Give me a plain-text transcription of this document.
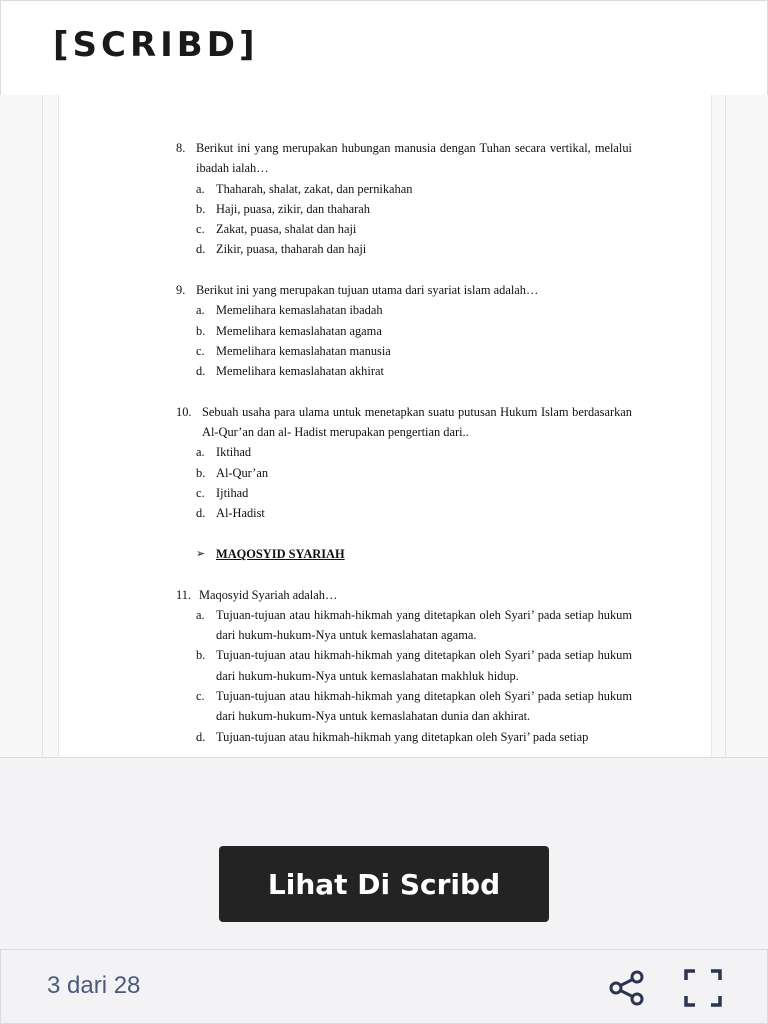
[SCRIBD]
8. Berikut ini yang merupakan hubungan manusia dengan Tuhan secara vertikal, melalui ibadah ialah…
a. Thaharah, shalat, zakat, dan pernikahan
b. Haji, puasa, zikir, dan thaharah
c. Zakat, puasa, shalat dan haji
d. Zikir, puasa, thaharah dan haji
9. Berikut ini yang merupakan tujuan utama dari syariat islam adalah…
a. Memelihara kemaslahatan ibadah
b. Memelihara kemaslahatan agama
c. Memelihara kemaslahatan manusia
d. Memelihara kemaslahatan akhirat
10. Sebuah usaha para ulama untuk menetapkan suatu putusan Hukum Islam berdasarkan Al-Qur’an dan al- Hadist merupakan pengertian dari..
a. Iktihad
b. Al-Qur’an
c. Ijtihad
d. Al-Hadist
➢ MAQOSYID SYARIAH
11. Maqosyid Syariah adalah…
a. Tujuan-tujuan atau hikmah-hikmah yang ditetapkan oleh Syari’ pada setiap hukum dari hukum-hukum-Nya untuk kemaslahatan agama.
b. Tujuan-tujuan atau hikmah-hikmah yang ditetapkan oleh Syari’ pada setiap hukum dari hukum-hukum-Nya untuk kemaslahatan makhluk hidup.
c. Tujuan-tujuan atau hikmah-hikmah yang ditetapkan oleh Syari’ pada setiap hukum dari hukum-hukum-Nya untuk kemaslahatan dunia dan akhirat.
d. Tujuan-tujuan atau hikmah-hikmah yang ditetapkan oleh Syari’ pada setiap
Lihat Di Scribd
3 dari 28
